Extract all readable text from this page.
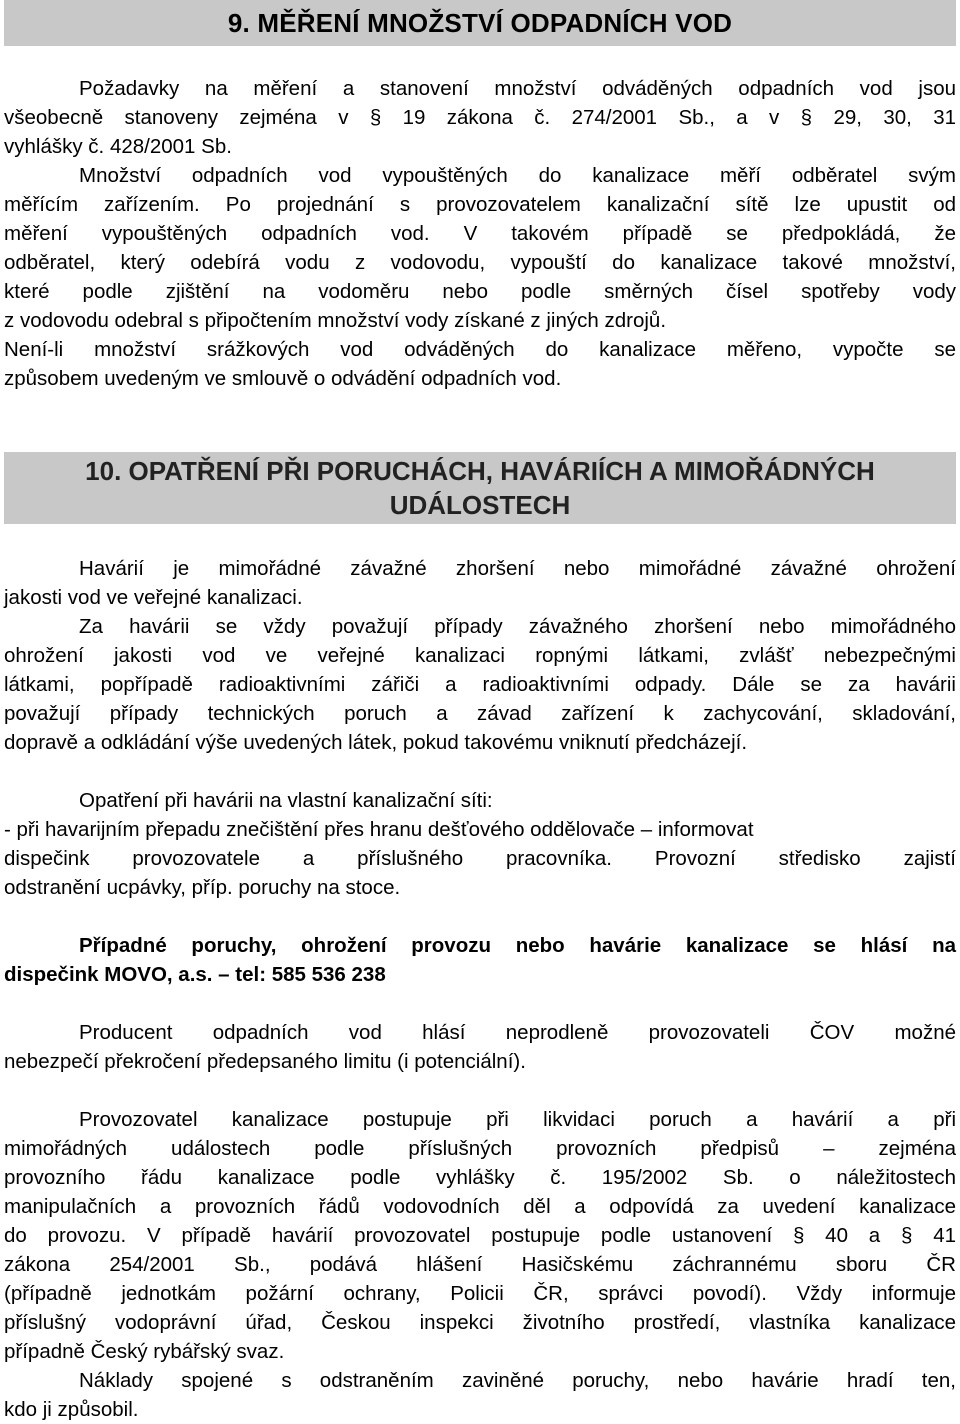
9. MĚŘENÍ MNOŽSTVÍ ODPADNÍCH VOD
Požadavky na měření a stanovení množství odváděných odpadních vod jsou
všeobecně stanoveny zejména v § 19 zákona č. 274/2001 Sb., a v § 29, 30, 31
vyhlášky č. 428/2001 Sb.
Množství odpadních vod vypouštěných do kanalizace měří odběratel svým
měřícím zařízením. Po projednání s provozovatelem kanalizační sítě lze upustit od
měření vypouštěných odpadních vod. V takovém případě se předpokládá, že
odběratel, který odebírá vodu z vodovodu, vypouští do kanalizace takové množství,
které podle zjištění na vodoměru nebo podle směrných čísel spotřeby vody
z vodovodu odebral s připočtením množství vody získané z jiných zdrojů.
Není-li množství srážkových vod odváděných do kanalizace měřeno, vypočte se
způsobem uvedeným ve smlouvě o odvádění odpadních vod.
10. OPATŘENÍ PŘI PORUCHÁCH, HAVÁRIÍCH A MIMOŘÁDNÝCH
UDÁLOSTECH
Havárií je mimořádné závažné zhoršení nebo mimořádné závažné ohrožení
jakosti vod ve veřejné kanalizaci.
Za havárii se vždy považují případy závažného zhoršení nebo mimořádného
ohrožení jakosti vod ve veřejné kanalizaci ropnými látkami, zvlášť nebezpečnými
látkami, popřípadě radioaktivními zářiči a radioaktivními odpady. Dále se za havárii
považují případy technických poruch a závad zařízení k zachycování, skladování,
dopravě a odkládání výše uvedených látek, pokud takovému vniknutí předcházejí.
Opatření při havárii na vlastní kanalizační síti:
- při havarijním přepadu znečištění přes hranu dešťového oddělovače – informovat
dispečink provozovatele a příslušného pracovníka. Provozní středisko zajistí
odstranění ucpávky, příp. poruchy na stoce.
Případné poruchy, ohrožení provozu nebo havárie kanalizace se hlásí na
dispečink MOVO, a.s. – tel: 585 536 238
Producent odpadních vod hlásí neprodleně provozovateli ČOV možné
nebezpečí překročení předepsaného limitu (i potenciální).
Provozovatel kanalizace postupuje při likvidaci poruch a havárií a při
mimořádných událostech podle příslušných provozních předpisů – zejména
provozního řádu kanalizace podle vyhlášky č. 195/2002 Sb. o náležitostech
manipulačních a provozních řádů vodovodních děl a odpovídá za uvedení kanalizace
do provozu. V případě havárií provozovatel postupuje podle ustanovení § 40 a § 41
zákona 254/2001 Sb., podává hlášení Hasičskému záchrannému sboru ČR
(případně jednotkám požární ochrany, Policii ČR, správci povodí). Vždy informuje
příslušný vodoprávní úřad, Českou inspekci životního prostředí, vlastníka kanalizace
případně Český rybářský svaz.
Náklady spojené s odstraněním zaviněné poruchy, nebo havárie hradí ten,
kdo ji způsobil.
